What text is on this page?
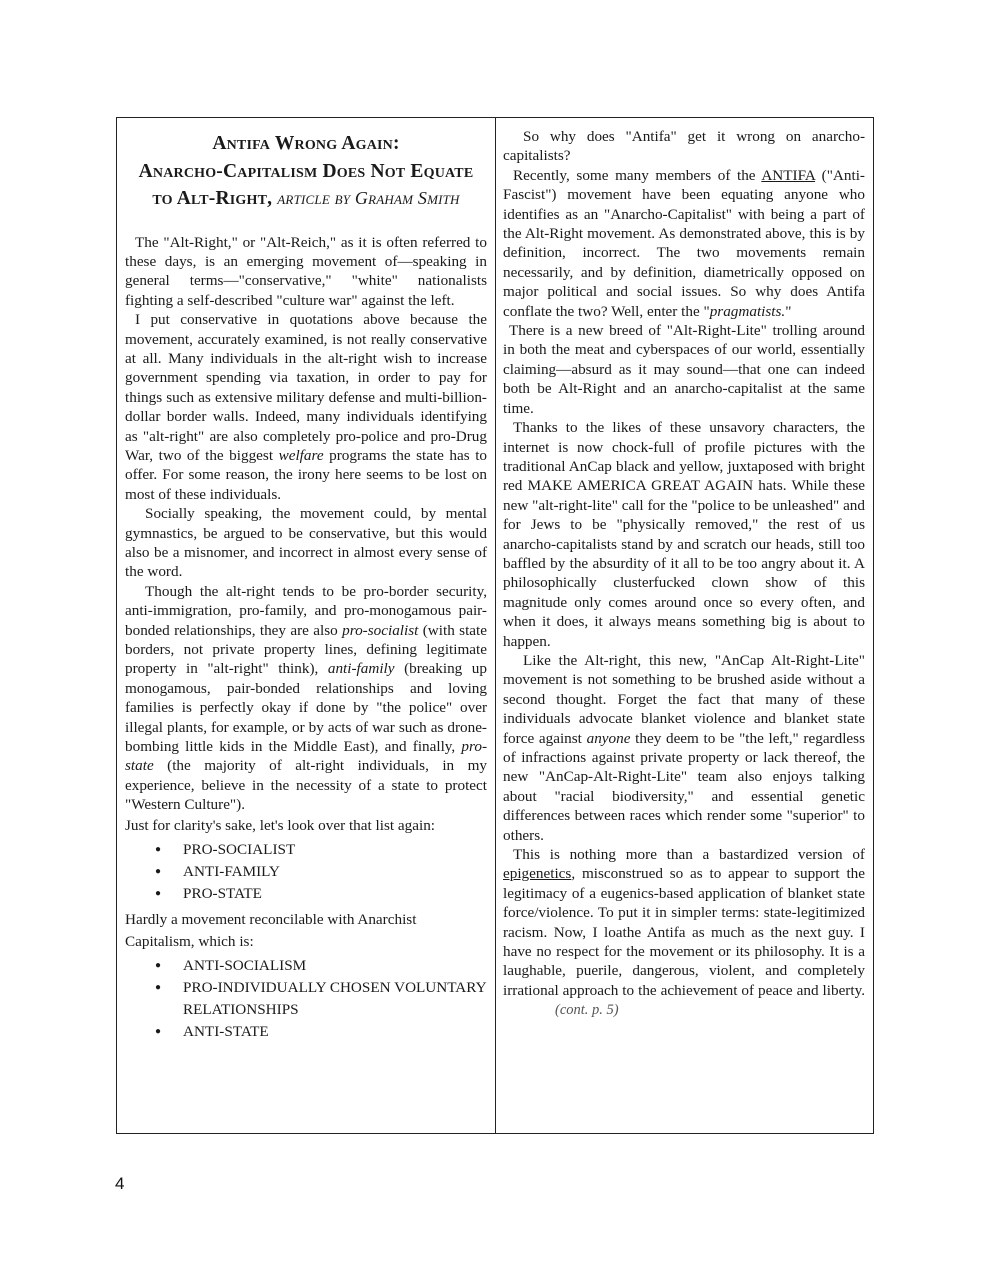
Antifa Wrong Again:
Anarcho-Capitalism Does Not Equate
to Alt-Right, article by Graham Smith

The "Alt-Right," or "Alt-Reich," as it is often referred to these days, is an emerging movement of—speaking in general terms—"conservative," "white" nationalists fighting a self-described "culture war" against the left.

I put conservative in quotations above because the movement, accurately examined, is not really conservative at all. Many individuals in the alt-right wish to increase government spending via taxation, in order to pay for things such as extensive military defense and multi-billion-dollar border walls. Indeed, many individuals identifying as "alt-right" are also completely pro-police and pro-Drug War, two of the biggest welfare programs the state has to offer. For some reason, the irony here seems to be lost on most of these individuals.

Socially speaking, the movement could, by mental gymnastics, be argued to be conservative, but this would also be a misnomer, and incorrect in almost every sense of the word.

Though the alt-right tends to be pro-border security, anti-immigration, pro-family, and pro-monogamous pair-bonded relationships, they are also pro-socialist (with state borders, not private property lines, defining legitimate property in "alt-right" think), anti-family (breaking up monogamous, pair-bonded relationships and loving families is perfectly okay if done by "the police" over illegal plants, for example, or by acts of war such as drone-bombing little kids in the Middle East), and finally, pro-state (the majority of alt-right individuals, in my experience, believe in the necessity of a state to protect "Western Culture").

Just for clarity's sake, let's look over that list again:

● PRO-SOCIALIST
● ANTI-FAMILY
● PRO-STATE

Hardly a movement reconcilable with Anarchist Capitalism, which is:

● ANTI-SOCIALISM
● PRO-INDIVIDUALLY CHOSEN VOLUNTARY RELATIONSHIPS
● ANTI-STATE

So why does "Antifa" get it wrong on anarcho-capitalists?

Recently, some many members of the ANTIFA ("Anti-Fascist") movement have been equating anyone who identifies as an "Anarcho-Capitalist" with being a part of the Alt-Right movement. As demonstrated above, this is by definition, incorrect. The two movements remain necessarily, and by definition, diametrically opposed on major political and social issues. So why does Antifa conflate the two? Well, enter the "pragmatists."

There is a new breed of "Alt-Right-Lite" trolling around in both the meat and cyberspaces of our world, essentially claiming—absurd as it may sound—that one can indeed both be Alt-Right and an anarcho-capitalist at the same time.

Thanks to the likes of these unsavory characters, the internet is now chock-full of profile pictures with the traditional AnCap black and yellow, juxtaposed with bright red MAKE AMERICA GREAT AGAIN hats. While these new "alt-right-lite" call for the "police to be unleashed" and for Jews to be "physically removed," the rest of us anarcho-capitalists stand by and scratch our heads, still too baffled by the absurdity of it all to be too angry about it. A philosophically clusterfucked clown show of this magnitude only comes around once so every often, and when it does, it always means something big is about to happen.

Like the Alt-right, this new, "AnCap Alt-Right-Lite" movement is not something to be brushed aside without a second thought. Forget the fact that many of these individuals advocate blanket violence and blanket state force against anyone they deem to be "the left," regardless of infractions against private property or lack thereof, the new "AnCap-Alt-Right-Lite" team also enjoys talking about "racial biodiversity," and essential genetic differences between races which render some "superior" to others.

This is nothing more than a bastardized version of epigenetics, misconstrued so as to appear to support the legitimacy of a eugenics-based application of blanket state force/violence. To put it in simpler terms: state-legitimized racism. Now, I loathe Antifa as much as the next guy. I have no respect for the movement or its philosophy. It is a laughable, puerile, dangerous, violent, and completely irrational approach to the achievement of peace and liberty. (cont. p. 5)

4
